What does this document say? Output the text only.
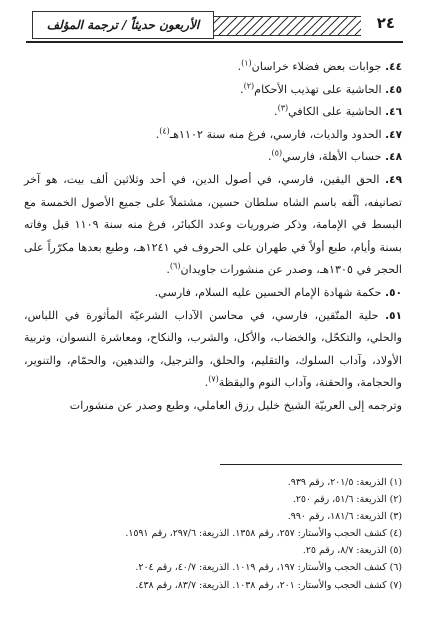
٢٤
الأربعون حديثاً / ترجمة المؤلف

٤٤. جوابات بعض فضلاء خراسان$^{(١)}$.

٤٥. الحاشية على تهذيب الأحكام$^{(٢)}$.

٤٦. الحاشية على الكافي$^{(٣)}$.

٤٧. الحدود والديات، فارسي، فرغ منه سنة ١١٠٢هـ$^{(٤)}$.

٤٨. حساب الأهلة، فارسي$^{(٥)}$.

٤٩. الحق اليقين، فارسي، في أصول الدين، في أحد وثلاثين ألف بيت، هو آخر تصانيفه، ألّفه باسم الشاه سلطان حسين، مشتملاً على جميع الأصول الخمسة مع البسط في الإمامة، وذكر ضروريات وعدد الكبائر، فرغ منه سنة ١١٠٩ قبل وفاته بسنة وأيام، طبع أولاً في طهران على الحروف في ١٢٤١هـ، وطبع بعدها مكرّراً على الحجر في ١٣٠٥هـ، وصدر عن منشورات جاويدان$^{(٦)}$.

٥٠. حكمة شهادة الإمام الحسين عليه السلام، فارسي.

٥١. حلية المتّقين، فارسي، في محاسن الآداب الشرعيّة المأثورة في اللباس، والحلي، والتكحّل، والخضاب، والأكل، والشرب، والنكاح، ومعاشرة النسوان، وتربية الأولاد، وآداب السلوك، والتقليم، والحلق، والترجيل، والتدهين، والحمّام، والتنوير، والحجامة، والحقنة، وآداب النوم واليقظة$^{(٧)}$.

وترجمه إلى العربيّة الشيخ خليل رزق العاملي، وطبع وصدر عن منشورات

(١) الذريعة: ٢٠١/٥، رقم ٩٣٩.
(٢) الذريعة: ٥١/٦، رقم ٢٥٠.
(٣) الذريعة: ١٨١/٦، رقم ٩٩٠.
(٤) كشف الحجب والأستار: ٢٥٧، رقم ١٣٥٨. الذريعة: ٢٩٧/٦، رقم ١٥٩١.
(٥) الذريعة: ٨/٧، رقم ٢٥.
(٦) كشف الحجب والأستار: ١٩٧، رقم ١٠١٩. الذريعة: ٤٠/٧، رقم ٢٠٤.
(٧) كشف الحجب والأستار: ٢٠١، رقم ١٠٣٨. الذريعة: ٨٣/٧، رقم ٤٣٨.
